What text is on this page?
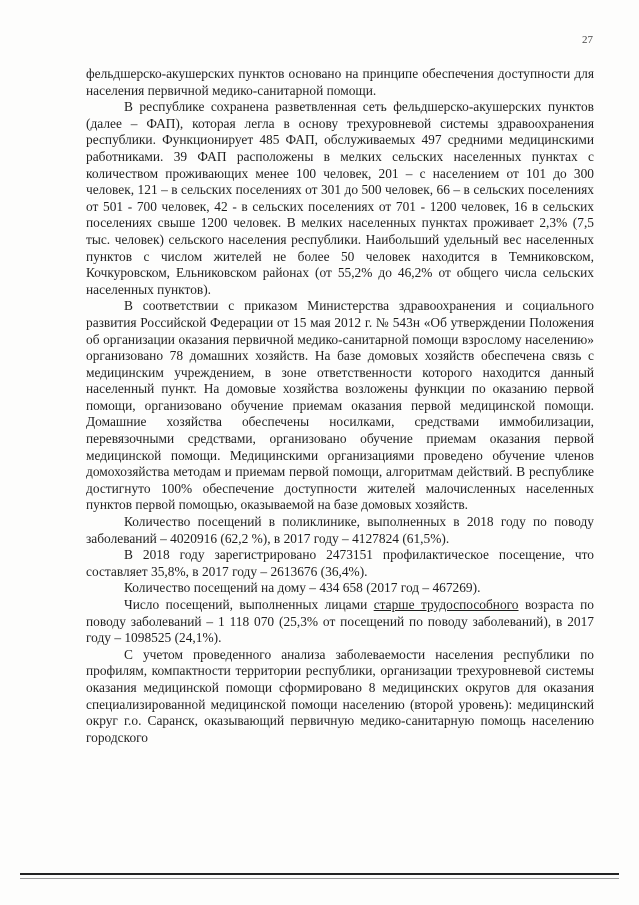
27

фельдшерско-акушерских пунктов основано на принципе обеспечения доступности для населения первичной медико-санитарной помощи.

В республике сохранена разветвленная сеть фельдшерско-акушерских пунктов (далее – ФАП), которая легла в основу трехуровневой системы здравоохранения республики. Функционирует 485 ФАП, обслуживаемых 497 средними медицинскими работниками. 39 ФАП расположены в мелких сельских населенных пунктах с количеством проживающих менее 100 человек, 201 – с населением от 101 до 300 человек, 121 – в сельских поселениях от 301 до 500 человек, 66 – в сельских поселениях от 501 - 700 человек, 42 - в сельских поселениях от 701 - 1200 человек, 16 в сельских поселениях свыше 1200 человек. В мелких населенных пунктах проживает 2,3% (7,5 тыс. человек) сельского населения республики. Наибольший удельный вес населенных пунктов с числом жителей не более 50 человек находится в Темниковском, Кочкуровском, Ельниковском районах (от 55,2% до 46,2% от общего числа сельских населенных пунктов).

В соответствии с приказом Министерства здравоохранения и социального развития Российской Федерации от 15 мая 2012 г. № 543н «Об утверждении Положения об организации оказания первичной медико-санитарной помощи взрослому населению» организовано 78 домашних хозяйств. На базе домовых хозяйств обеспечена связь с медицинским учреждением, в зоне ответственности которого находится данный населенный пункт. На домовые хозяйства возложены функции по оказанию первой помощи, организовано обучение приемам оказания первой медицинской помощи. Домашние хозяйства обеспечены носилками, средствами иммобилизации, перевязочными средствами, организовано обучение приемам оказания первой медицинской помощи. Медицинскими организациями проведено обучение членов домохозяйства методам и приемам первой помощи, алгоритмам действий. В республике достигнуто 100% обеспечение доступности жителей малочисленных населенных пунктов первой помощью, оказываемой на базе домовых хозяйств.

Количество посещений в поликлинике, выполненных в 2018 году по поводу заболеваний – 4020916 (62,2 %), в 2017 году – 4127824 (61,5%).

В 2018 году зарегистрировано 2473151 профилактическое посещение, что составляет 35,8%, в 2017 году – 2613676 (36,4%).

Количество посещений на дому – 434 658 (2017 год – 467269).

Число посещений, выполненных лицами старше трудоспособного возраста по поводу заболеваний – 1 118 070 (25,3% от посещений по поводу заболеваний), в 2017 году – 1098525 (24,1%).

С учетом проведенного анализа заболеваемости населения республики по профилям, компактности территории республики, организации трехуровневой системы оказания медицинской помощи сформировано 8 медицинских округов для оказания специализированной медицинской помощи населению (второй уровень): медицинский округ г.о. Саранск, оказывающий первичную медико-санитарную помощь населению городского
